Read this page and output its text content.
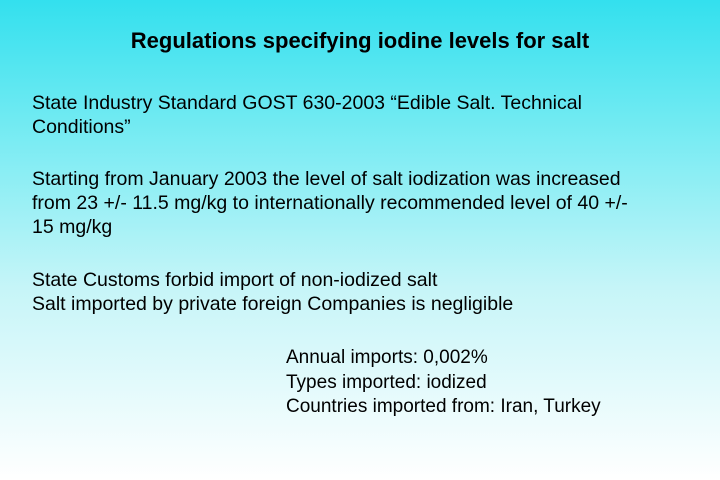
Regulations specifying iodine levels for salt
State Industry Standard GOST 630-2003 “Edible Salt. Technical
Conditions”
Starting from January 2003 the level of salt iodization was increased
from 23 +/- 11.5 mg/kg to internationally recommended level of 40 +/-
15 mg/kg
State Customs forbid import of non-iodized salt
Salt imported by private foreign Companies is negligible
Annual imports: 0,002%
Types imported: iodized
Countries imported from: Iran, Turkey
